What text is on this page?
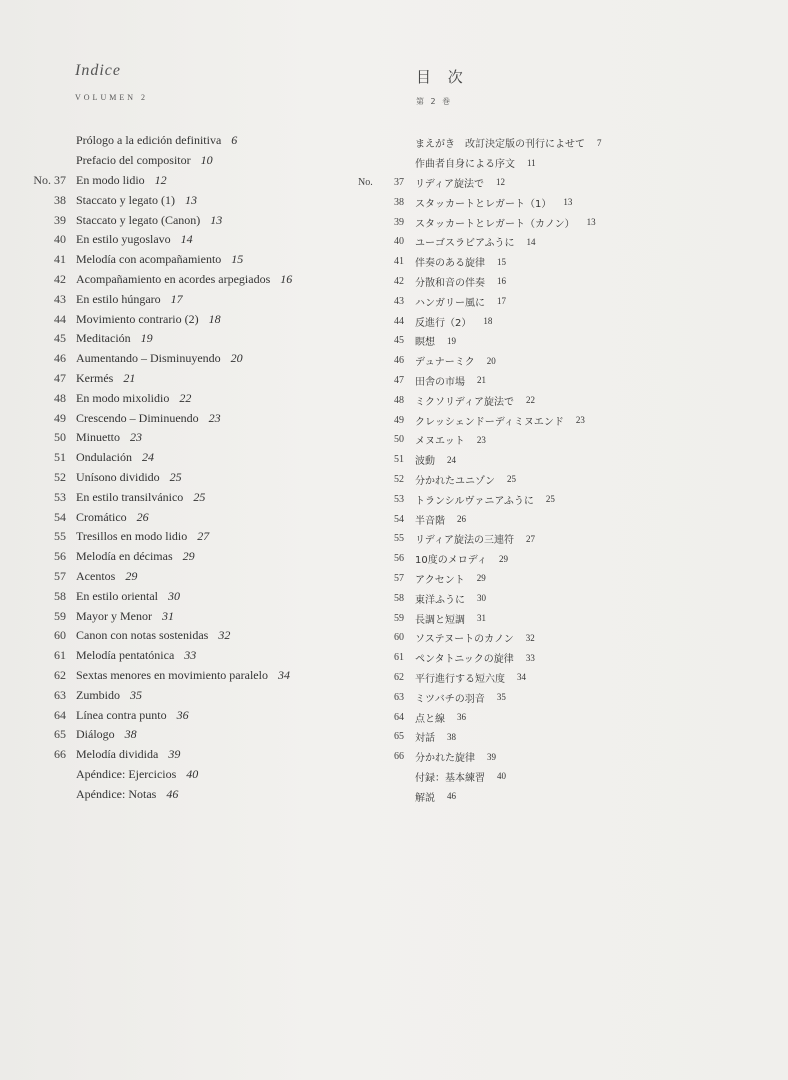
Indice
VOLUMEN 2
目 次
第 2 巻
Prólogo a la edición definitiva 6
Prefacio del compositor 10
No. 37 En modo lidio 12
38 Staccato y legato (1) 13
39 Staccato y legato (Canon) 13
40 En estilo yugoslavo 14
41 Melodía con acompañamiento 15
42 Acompañamiento en acordes arpegiados 16
43 En estilo húngaro 17
44 Movimiento contrario (2) 18
45 Meditación 19
46 Aumentando – Disminuyendo 20
47 Kermés 21
48 En modo mixolidio 22
49 Crescendo – Diminuendo 23
50 Minuetto 23
51 Ondulación 24
52 Unísono dividido 25
53 En estilo transilvánico 25
54 Cromático 26
55 Tresillos en modo lidio 27
56 Melodía en décimas 29
57 Acentos 29
58 En estilo oriental 30
59 Mayor y Menor 31
60 Canon con notas sostenidas 32
61 Melodía pentatónica 33
62 Sextas menores en movimiento paralelo 34
63 Zumbido 35
64 Línea contra punto 36
65 Diálogo 38
66 Melodía dividida 39
Apéndice: Ejercicios 40
Apéndice: Notas 46
まえがき　改訂決定版の刊行によせて 7
作曲者自身による序文 11
No. 37	リディア旋法で 12
38	スタッカートとレガート（1） 13
39	スタッカートとレガート（カノン） 13
40	ユーゴスラビアふうに 14
41	伴奏のある旋律 15
42	分散和音の伴奏 16
43	ハンガリー風に 17
44	反進行（2） 18
45	瞑想 19
46	デュナーミク 20
47	田舎の市場 21
48	ミクソリディア旋法で 22
49	クレッシェンドーディミヌエンド 23
50	メヌエット 23
51	波動 24
52	分かれたユニゾン 25
53	トランシルヴァニアふうに 25
54	半音階 26
55	リディア旋法の三連符 27
56	10度のメロディ 29
57	アクセント 29
58	東洋ふうに 30
59	長調と短調 31
60	ソステヌートのカノン 32
61	ペンタトニックの旋律 33
62	平行進行する短六度 34
63	ミツバチの羽音 35
64	点と線 36
65	対話 38
66	分かれた旋律 39
付録：基本練習 40
解説 46
